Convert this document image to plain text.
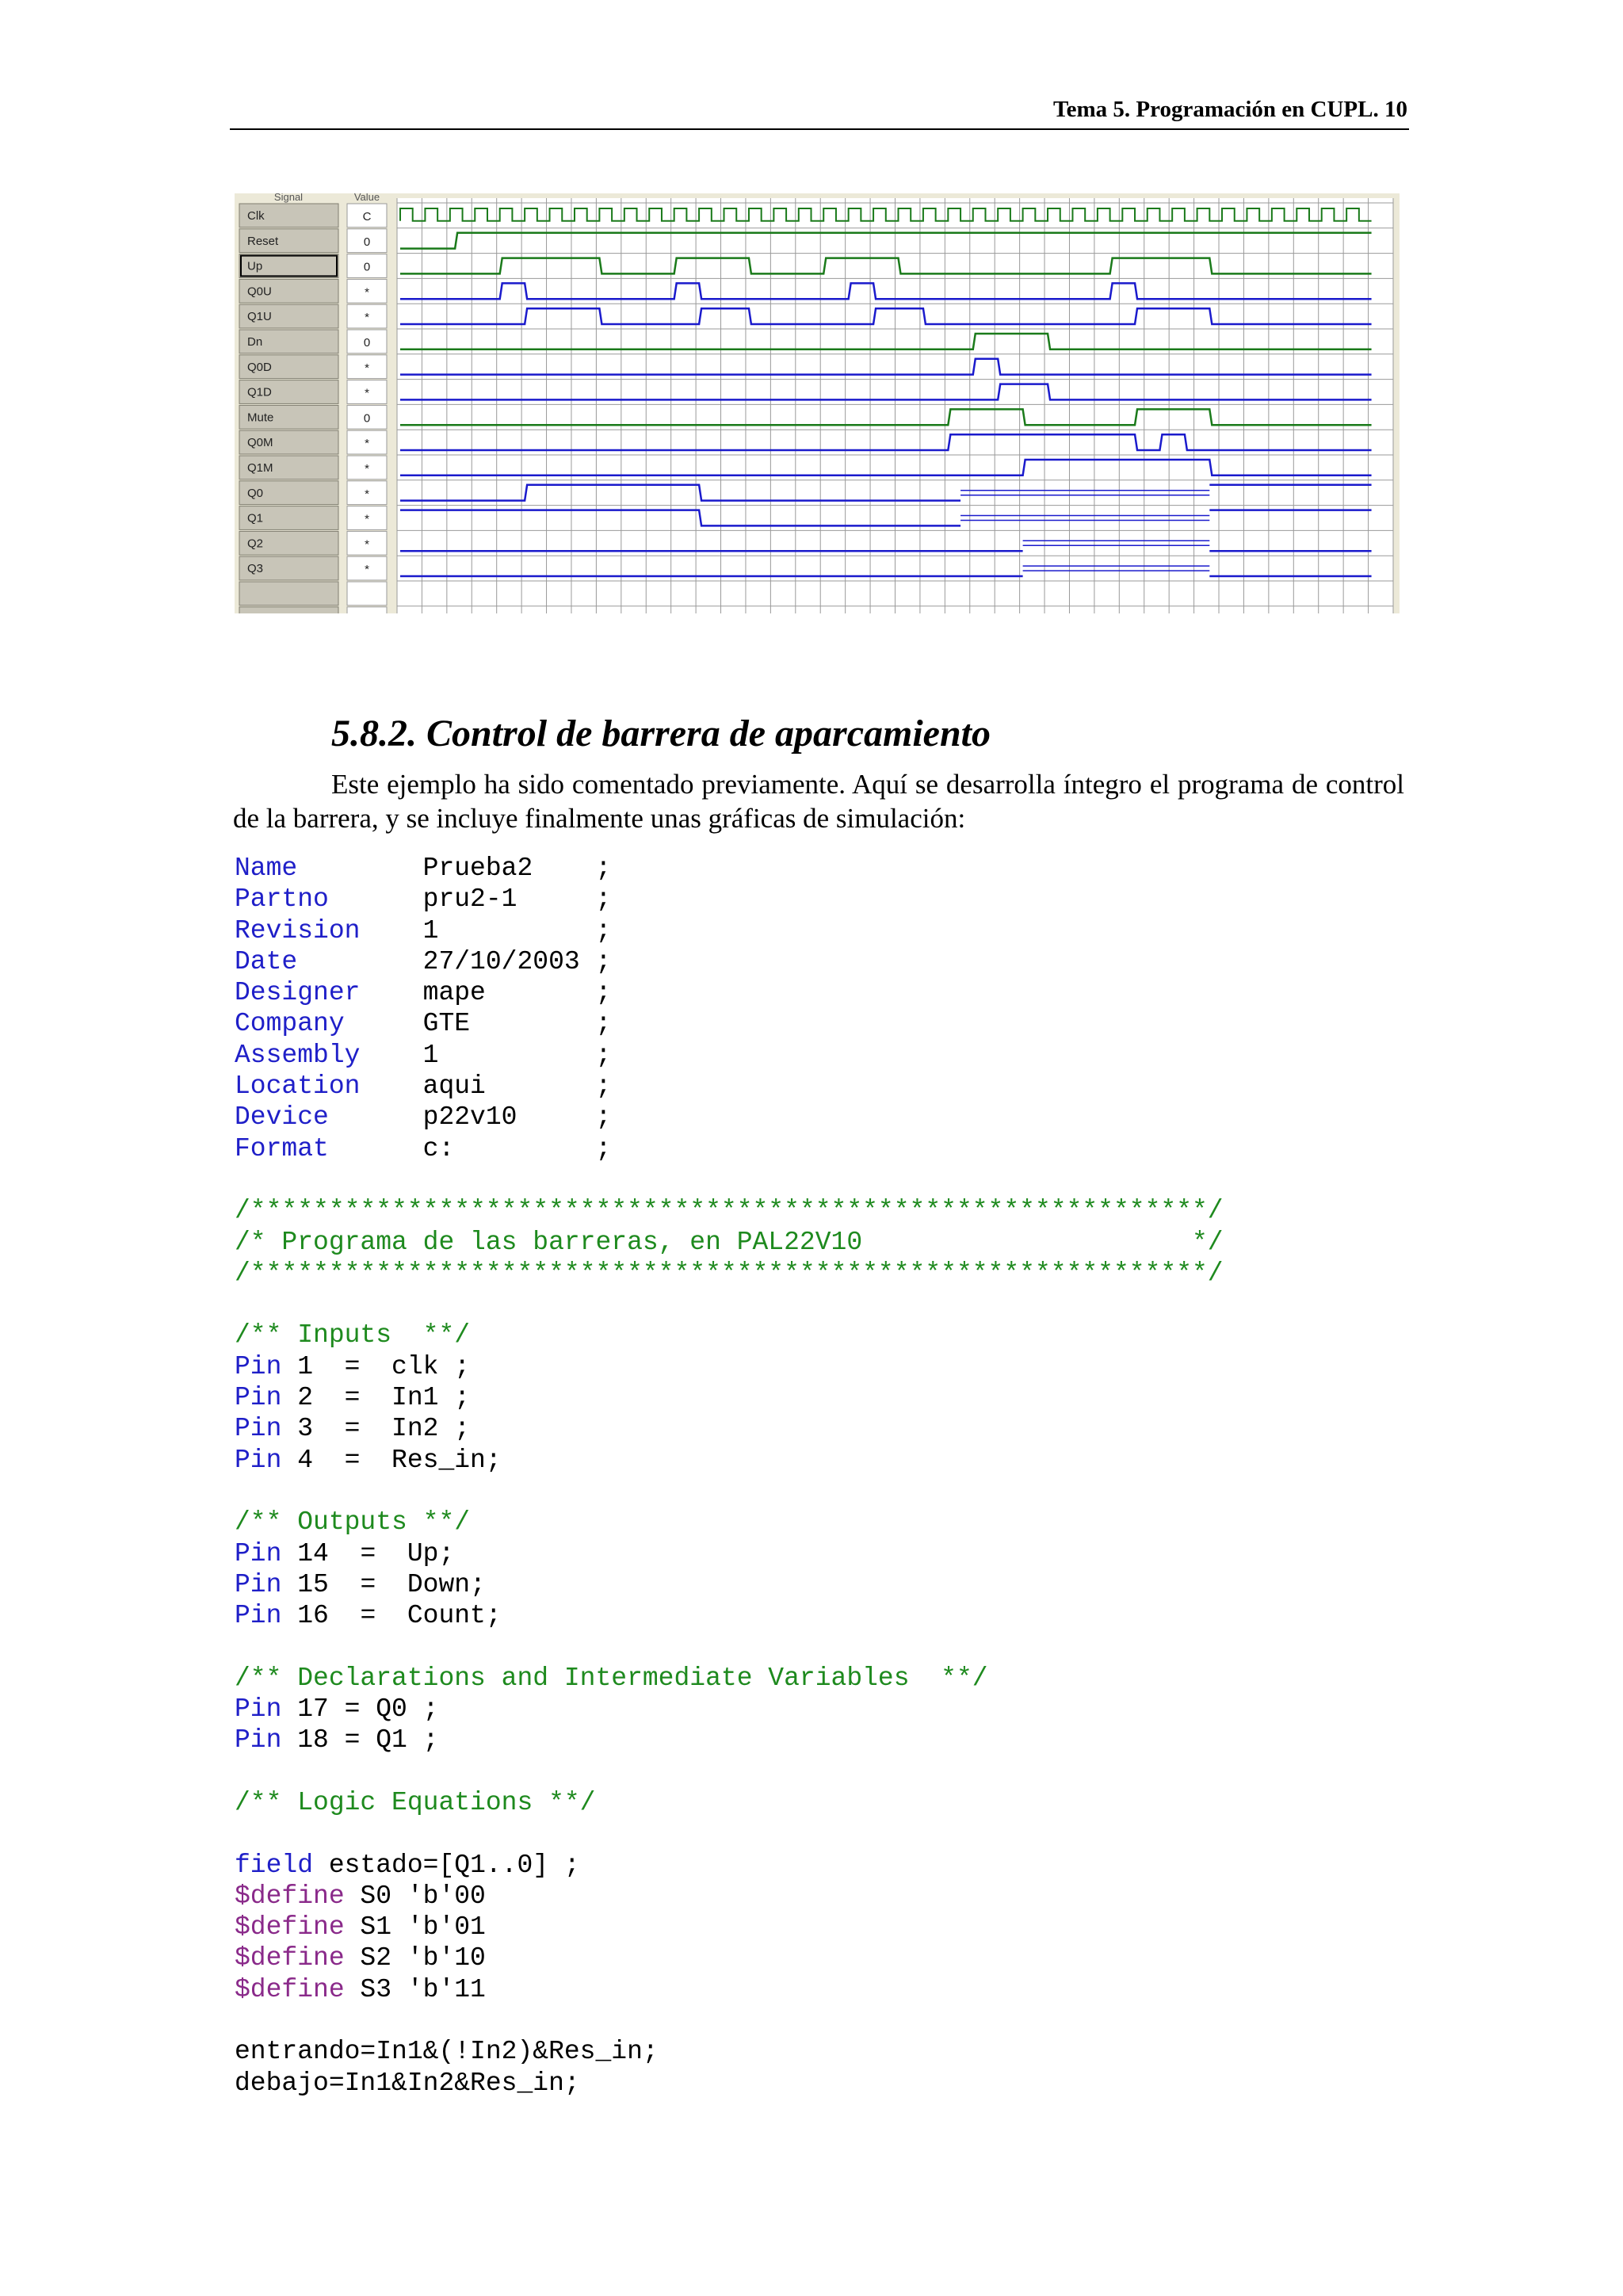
Tema 5. Programación en CUPL. 10
Signal	Value
Clk	C
Reset	0
Up	0
Q0U	*
Q1U	*
Dn	0
Q0D	*
Q1D	*
Mute	0
Q0M	*
Q1M	*
Q0	*
Q1	*
Q2	*
Q3	*
5.8.2. Control de barrera de aparcamiento

Este ejemplo ha sido comentado previamente. Aquí se desarrolla íntegro el programa de control de la barrera, y se incluye finalmente unas gráficas de simulación:

Name        Prueba2    ;
Partno      pru2-1     ;
Revision    1          ;
Date        27/10/2003 ;
Designer    mape       ;
Company     GTE        ;
Assembly    1          ;
Location    aqui       ;
Device      p22v10     ;
Format      c:         ;

/*************************************************************/
/* Programa de las barreras, en PAL22V10                     */
/*************************************************************/

/** Inputs  **/
Pin 1  =  clk ;
Pin 2  =  In1 ;
Pin 3  =  In2 ;
Pin 4  =  Res_in;

/** Outputs **/
Pin 14  =  Up;
Pin 15  =  Down;
Pin 16  =  Count;

/** Declarations and Intermediate Variables  **/
Pin 17 = Q0 ;
Pin 18 = Q1 ;

/** Logic Equations **/

field estado=[Q1..0] ;
$define S0 'b'00
$define S1 'b'01
$define S2 'b'10
$define S3 'b'11

entrando=In1&(!In2)&Res_in;
debajo=In1&In2&Res_in;
